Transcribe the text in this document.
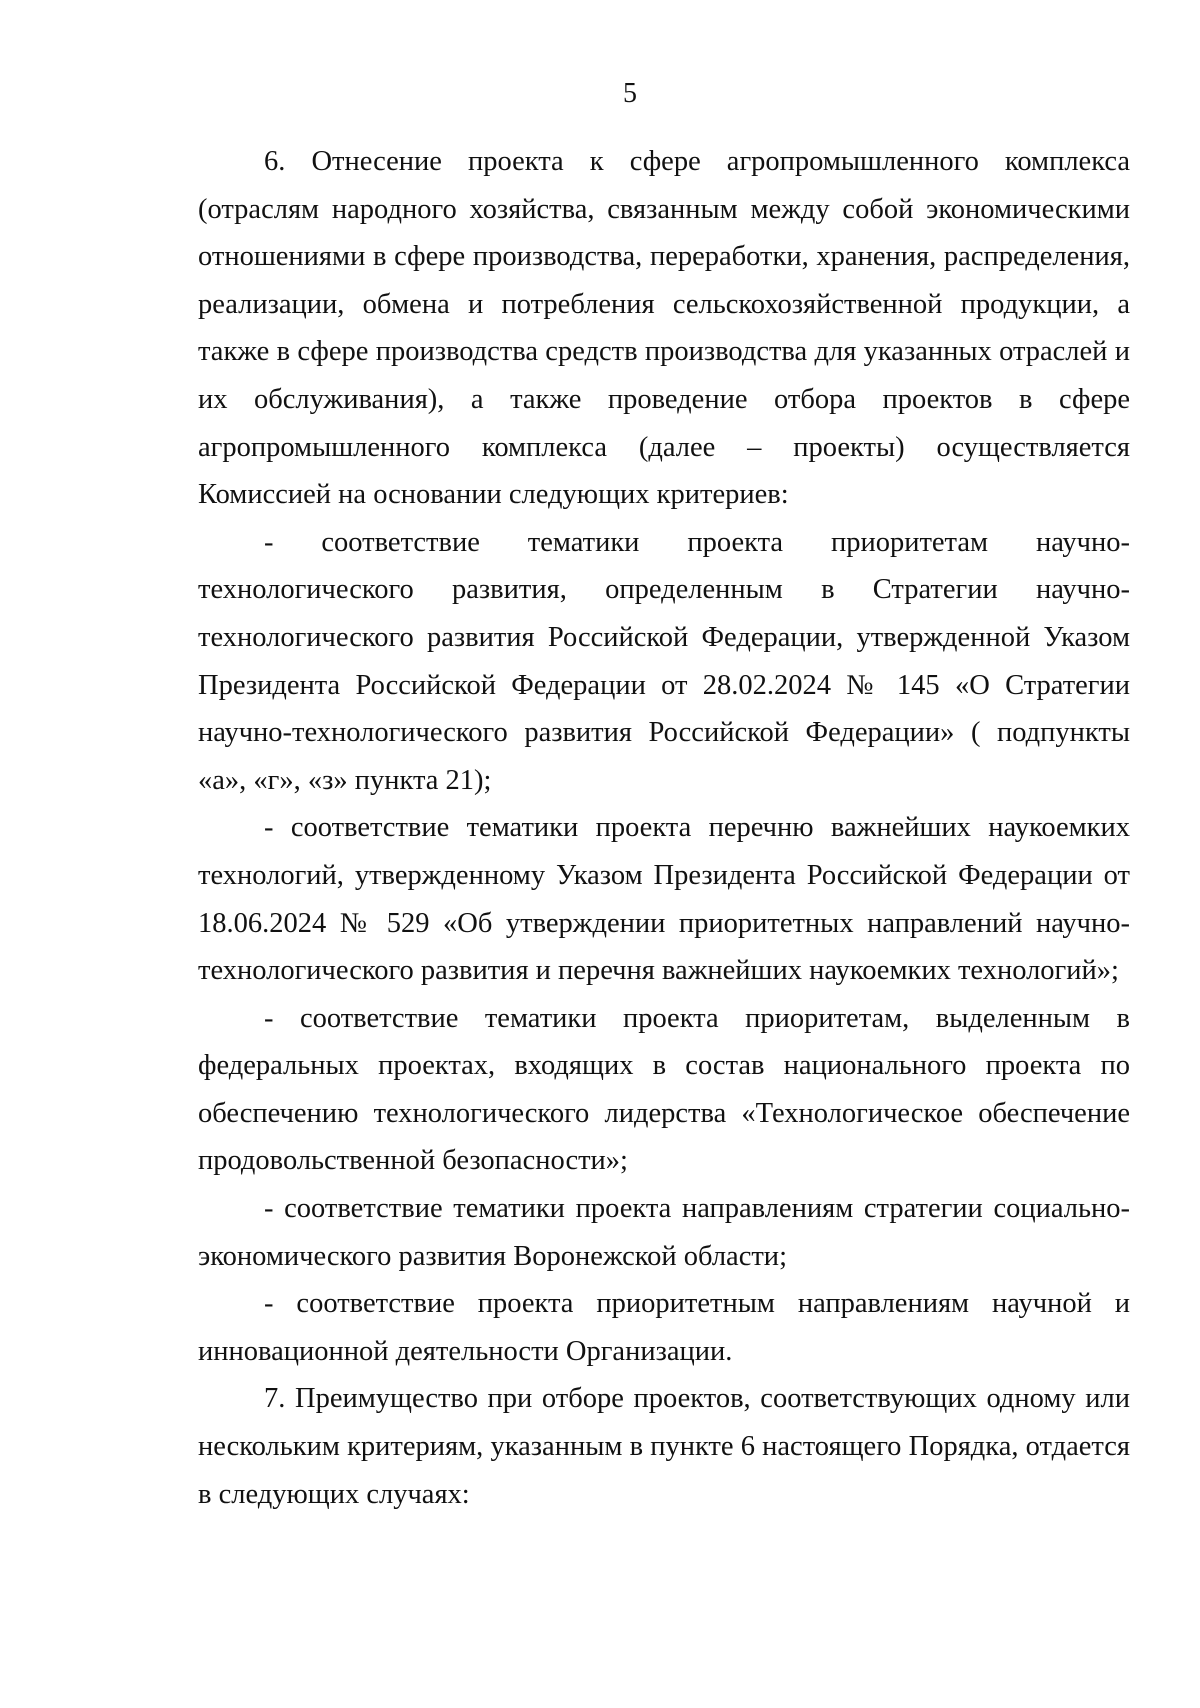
5

6. Отнесение проекта к сфере агропромышленного комплекса (отраслям народного хозяйства, связанным между собой экономическими отношениями в сфере производства, переработки, хранения, распределения, реализации, обмена и потребления сельскохозяйственной продукции, а также в сфере производства средств производства для указанных отраслей и их обслуживания), а также проведение отбора проектов в сфере агропромышленного комплекса (далее – проекты) осуществляется Комиссией на основании следующих критериев:

- соответствие тематики проекта приоритетам научно-технологического развития, определенным в Стратегии научно-технологического развития Российской Федерации, утвержденной Указом Президента Российской Федерации от 28.02.2024 № 145 «О Стратегии научно-технологического развития Российской Федерации» ( подпункты «а», «г», «з» пункта 21);

- соответствие тематики проекта перечню важнейших наукоемких технологий, утвержденному Указом Президента Российской Федерации от 18.06.2024 № 529 «Об утверждении приоритетных направлений научно-технологического развития и перечня важнейших наукоемких технологий»;

- соответствие тематики проекта приоритетам, выделенным в федеральных проектах, входящих в состав национального проекта по обеспечению технологического лидерства «Технологическое обеспечение продовольственной безопасности»;

- соответствие тематики проекта направлениям стратегии социально-экономического развития Воронежской области;

- соответствие проекта приоритетным направлениям научной и инновационной деятельности Организации.

7. Преимущество при отборе проектов, соответствующих одному или нескольким критериям, указанным в пункте 6 настоящего Порядка, отдается в следующих случаях:
